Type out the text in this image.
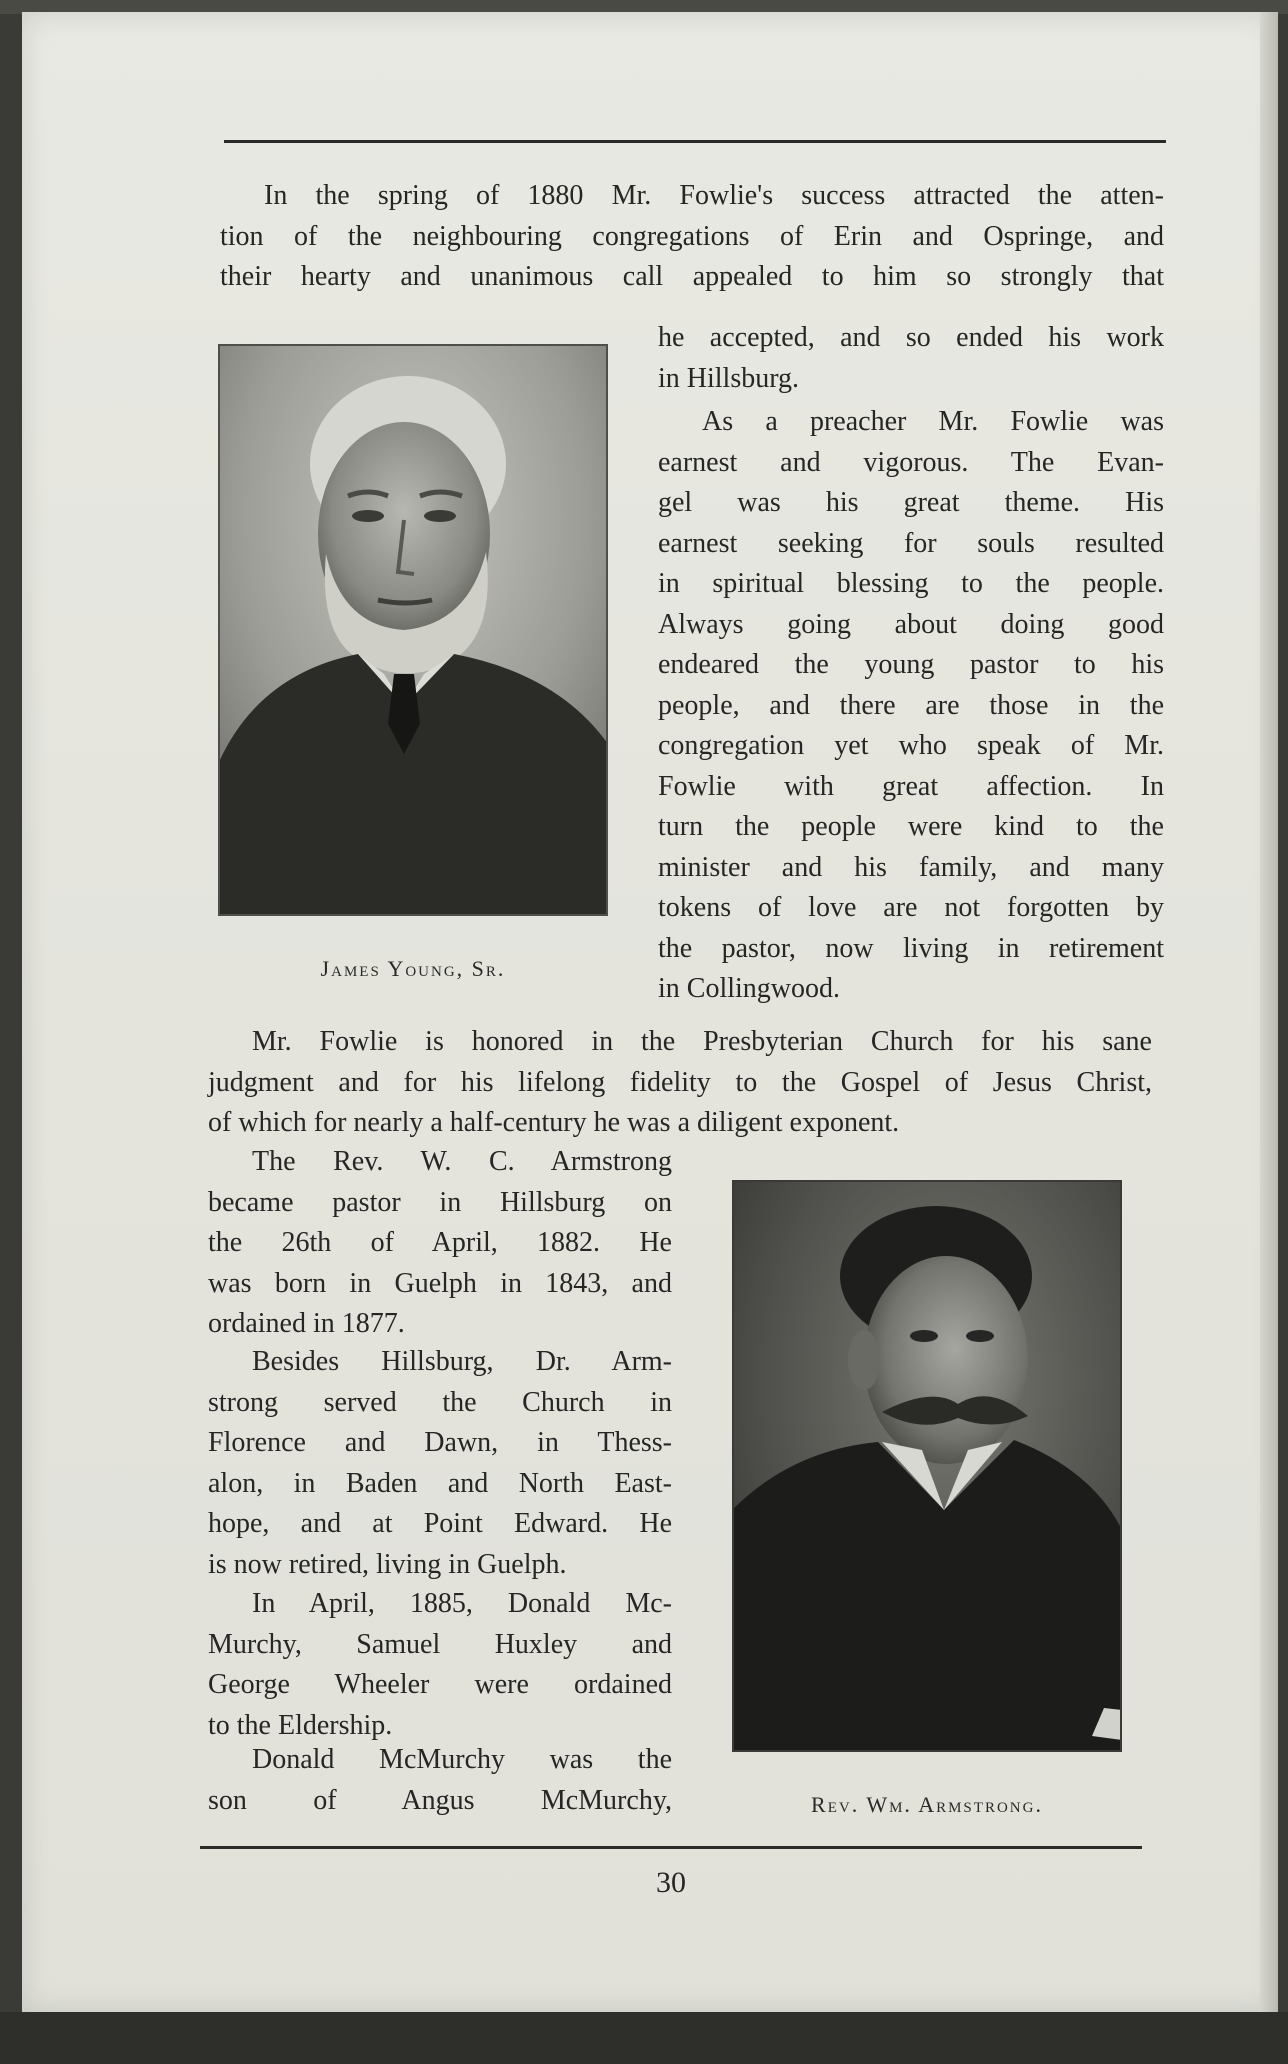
In the spring of 1880 Mr. Fowlie's success attracted the atten-

tion of the neighbouring congregations of Erin and Ospringe, and

their hearty and unanimous call appealed to him so strongly that

he accepted, and so ended his work

in Hillsburg.

James Young, Sr.

As a preacher Mr. Fowlie was

earnest and vigorous. The Evan-

gel was his great theme. His

earnest seeking for souls resulted

in spiritual blessing to the people.

Always going about doing good

endeared the young pastor to his

people, and there are those in the

congregation yet who speak of Mr.

Fowlie with great affection. In

turn the people were kind to the

minister and his family, and many

tokens of love are not forgotten by

the pastor, now living in retirement

in Collingwood.

Mr. Fowlie is honored in the Presbyterian Church for his sane

judgment and for his lifelong fidelity to the Gospel of Jesus Christ,

of which for nearly a half-century he was a diligent exponent.

The Rev. W. C. Armstrong

became pastor in Hillsburg on

the 26th of April, 1882. He

was born in Guelph in 1843, and

ordained in 1877.

Besides Hillsburg, Dr. Arm-

strong served the Church in

Florence and Dawn, in Thess-

alon, in Baden and North East-

hope, and at Point Edward. He

is now retired, living in Guelph.

In April, 1885, Donald Mc-

Murchy, Samuel Huxley and

George Wheeler were ordained

to the Eldership.

Donald McMurchy was the

son of Angus McMurchy,	Rev. Wm. Armstrong.
30
